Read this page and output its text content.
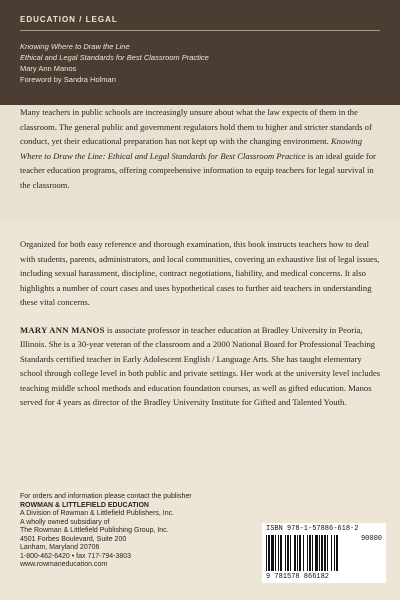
EDUCATION / LEGAL
Knowing Where to Draw the Line
Ethical and Legal Standards for Best Classroom Practice
Mary Ann Manos
Foreword by Sandra Holman

Many teachers in public schools are increasingly unsure about what the law expects of them in the classroom. The general public and government regulators hold them to higher and stricter standards of conduct, yet their educational preparation has not kept up with the changing environment. Knowing Where to Draw the Line: Ethical and Legal Standards for Best Classroom Practice is an ideal guide for teacher education programs, offering comprehensive information to equip teachers for legal survival in the classroom.

Organized for both easy reference and thorough examination, this book instructs teachers how to deal with students, parents, administrators, and local communities, covering an exhaustive list of legal issues, including sexual harassment, discipline, contract negotiations, liability, and medical concerns. It also highlights a number of court cases and uses hypothetical cases to further aid teachers in understanding these vital concerns.

MARY ANN MANOS is associate professor in teacher education at Bradley University in Peoria, Illinois. She is a 30-year veteran of the classroom and a 2000 National Board for Professional Teaching Standards certified teacher in Early Adolescent English / Language Arts. She has taught elementary school through college level in both public and private settings. Her work at the university level includes teaching middle school methods and education foundation courses, as well as gifted education. Manos served for 4 years as director of the Bradley University Institute for Gifted and Talented Youth.

For orders and information please contact the publisher
ROWMAN & LITTLEFIELD EDUCATION
A Division of Rowman & Littlefield Publishers, Inc.
A wholly owned subsidiary of
The Rowman & Littlefield Publishing Group, Inc.
4501 Forbes Boulevard, Suite 200
Lanham, Maryland 20706
1-800-462-6420 • fax 717-794-3803
www.rowmaneducation.com
ISBN 978-1-57886-618-2
90000
9 781578 866182
